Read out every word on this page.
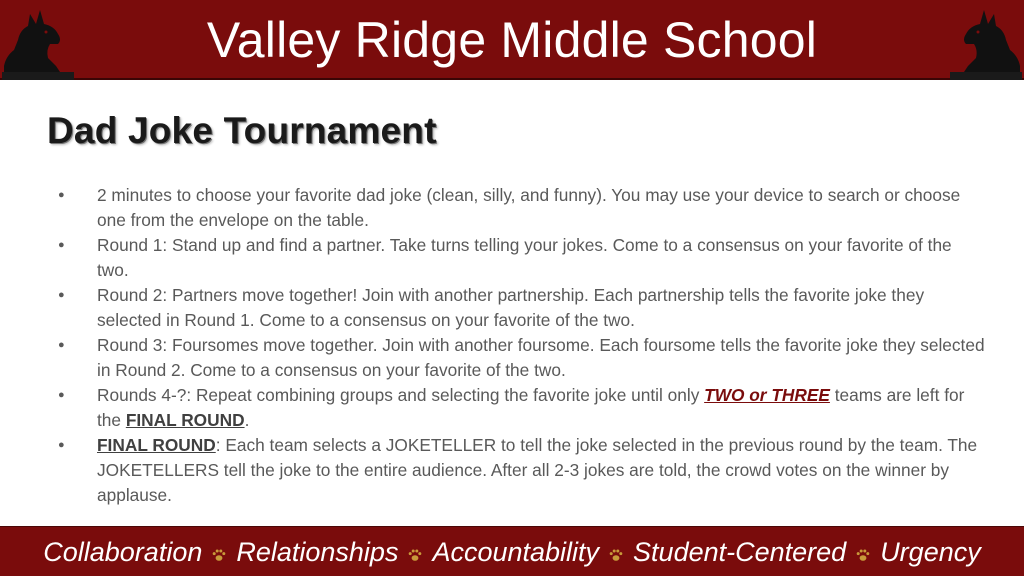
Valley Ridge Middle School
Dad Joke Tournament
● 2 minutes to choose your favorite dad joke (clean, silly, and funny). You may use your device to search or choose one from the envelope on the table.
● Round 1: Stand up and find a partner. Take turns telling your jokes. Come to a consensus on your favorite of the two.
● Round 2: Partners move together! Join with another partnership. Each partnership tells the favorite joke they selected in Round 1. Come to a consensus on your favorite of the two.
● Round 3: Foursomes move together. Join with another foursome. Each foursome tells the favorite joke they selected in Round 2. Come to a consensus on your favorite of the two.
● Rounds 4-?: Repeat combining groups and selecting the favorite joke until only TWO or THREE teams are left for the FINAL ROUND.
● FINAL ROUND: Each team selects a JOKETELLER to tell the joke selected in the previous round by the team. The JOKETELLERS tell the joke to the entire audience. After all 2-3 jokes are told, the crowd votes on the winner by applause.
Collaboration Relationships Accountability Student-Centered Urgency
